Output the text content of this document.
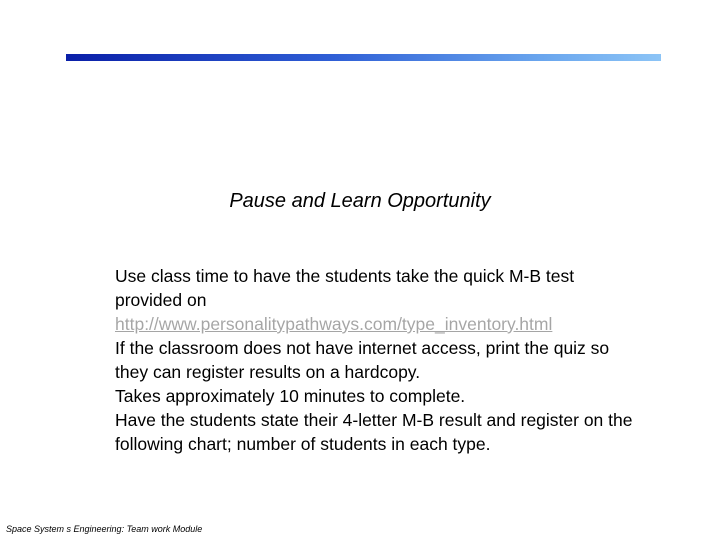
Pause and Learn Opportunity

Use class time to have the students take the quick M-B test provided on http://www.personalitypathways.com/type_inventory.html

If the classroom does not have internet access, print the quiz so they can register results on a hardcopy.

Takes approximately 10 minutes to complete.

Have the students state their 4-letter M-B result and register on the following chart; number of students in each type.

Space System s Engineering: Team work Module
